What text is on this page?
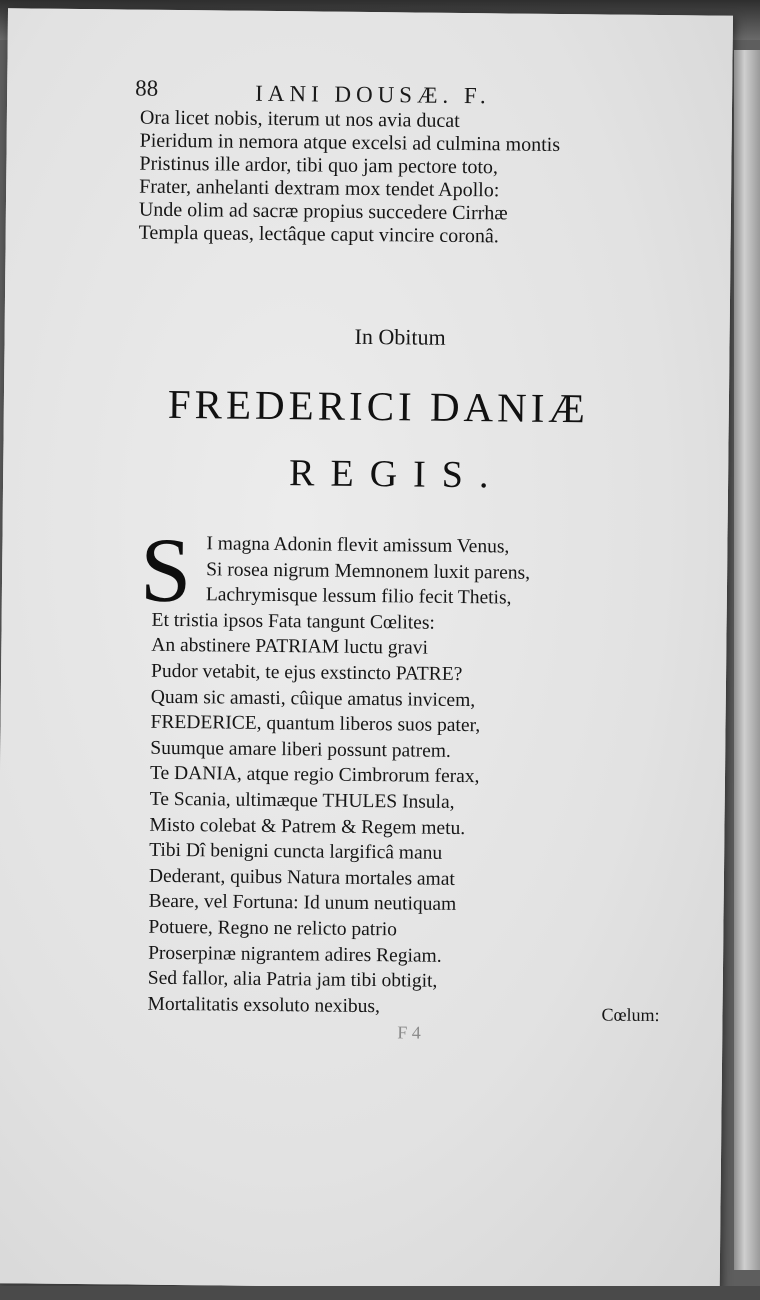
88	IANI DOUSÆ. F.
Ora licet nobis, iterum ut nos avia ducat
Pieridum in nemora atque excelsi ad culmina montis
Pristinus ille ardor, tibi quo jam pectore toto,
Frater, anhelanti dextram mox tendet Apollo:
Unde olim ad sacræ propius succedere Cirrhæ
Templa queas, lectâque caput vincire coronâ.
In Obitum
FREDERICI DANIÆ
REGIS.
S I magna Adonin flevit amissum Venus,
Si rosea nigrum Memnonem luxit parens,
Lachrymisque lessum filio fecit Thetis,
Et tristia ipsos Fata tangunt Cœlites:
An abstinere PATRIAM luctu gravi
Pudor vetabit, te ejus exstincto PATRE?
Quam sic amasti, cûique amatus invicem,
FREDERICE, quantum liberos suos pater,
Suumque amare liberi possunt patrem.
Te DANIA, atque regio Cimbrorum ferax,
Te Scania, ultimæque THULES Insula,
Misto colebat & Patrem & Regem metu.
Tibi Dî benigni cuncta largificâ manu
Dederant, quibus Natura mortales amat
Beare, vel Fortuna: Id unum neutiquam
Potuere, Regno ne relicto patrio
Proserpinæ nigrantem adires Regiam.
Sed fallor, alia Patria jam tibi obtigit,
Mortalitatis exsoluto nexibus,	Cœlum:
F 4
